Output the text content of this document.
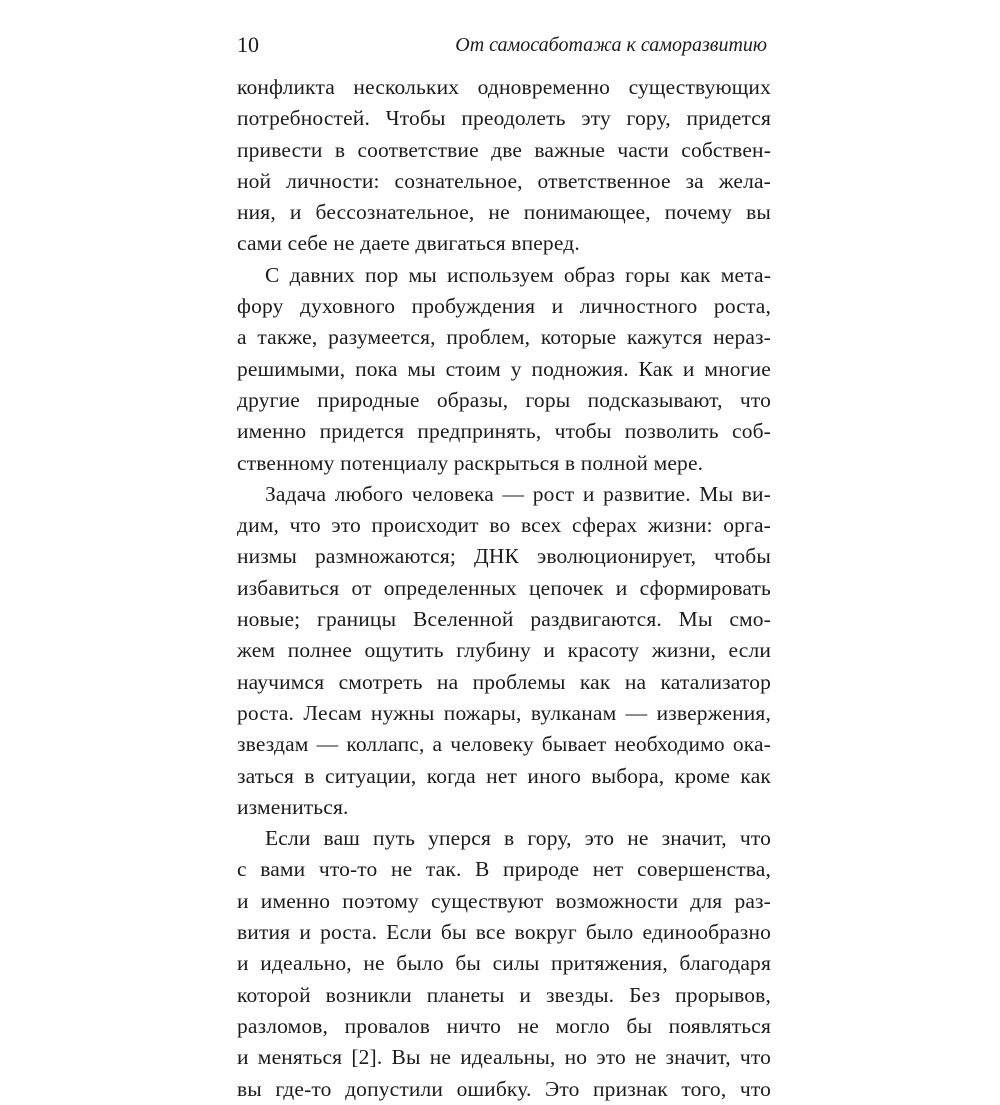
10	От самосаботажа к саморазвитию
конфликта нескольких одновременно существующих
потребностей. Чтобы преодолеть эту гору, придется
привести в соответствие две важные части собствен-
ной личности: сознательное, ответственное за жела-
ния, и бессознательное, не понимающее, почему вы
сами себе не даете двигаться вперед.
С давних пор мы используем образ горы как мета-
фору духовного пробуждения и личностного роста,
а также, разумеется, проблем, которые кажутся нераз-
решимыми, пока мы стоим у подножия. Как и многие
другие природные образы, горы подсказывают, что
именно придется предпринять, чтобы позволить соб-
ственному потенциалу раскрыться в полной мере.
Задача любого человека — рост и развитие. Мы ви-
дим, что это происходит во всех сферах жизни: орга-
низмы размножаются; ДНК эволюционирует, чтобы
избавиться от определенных цепочек и сформировать
новые; границы Вселенной раздвигаются. Мы смо-
жем полнее ощутить глубину и красоту жизни, если
научимся смотреть на проблемы как на катализатор
роста. Лесам нужны пожары, вулканам — извержения,
звездам — коллапс, а человеку бывает необходимо ока-
заться в ситуации, когда нет иного выбора, кроме как
измениться.
Если ваш путь уперся в гору, это не значит, что
с вами что-то не так. В природе нет совершенства,
и именно поэтому существуют возможности для раз-
вития и роста. Если бы все вокруг было единообразно
и идеально, не было бы силы притяжения, благодаря
которой возникли планеты и звезды. Без прорывов,
разломов, провалов ничто не могло бы появляться
и меняться [2]. Вы не идеальны, но это не значит, что
вы где-то допустили ошибку. Это признак того, что
